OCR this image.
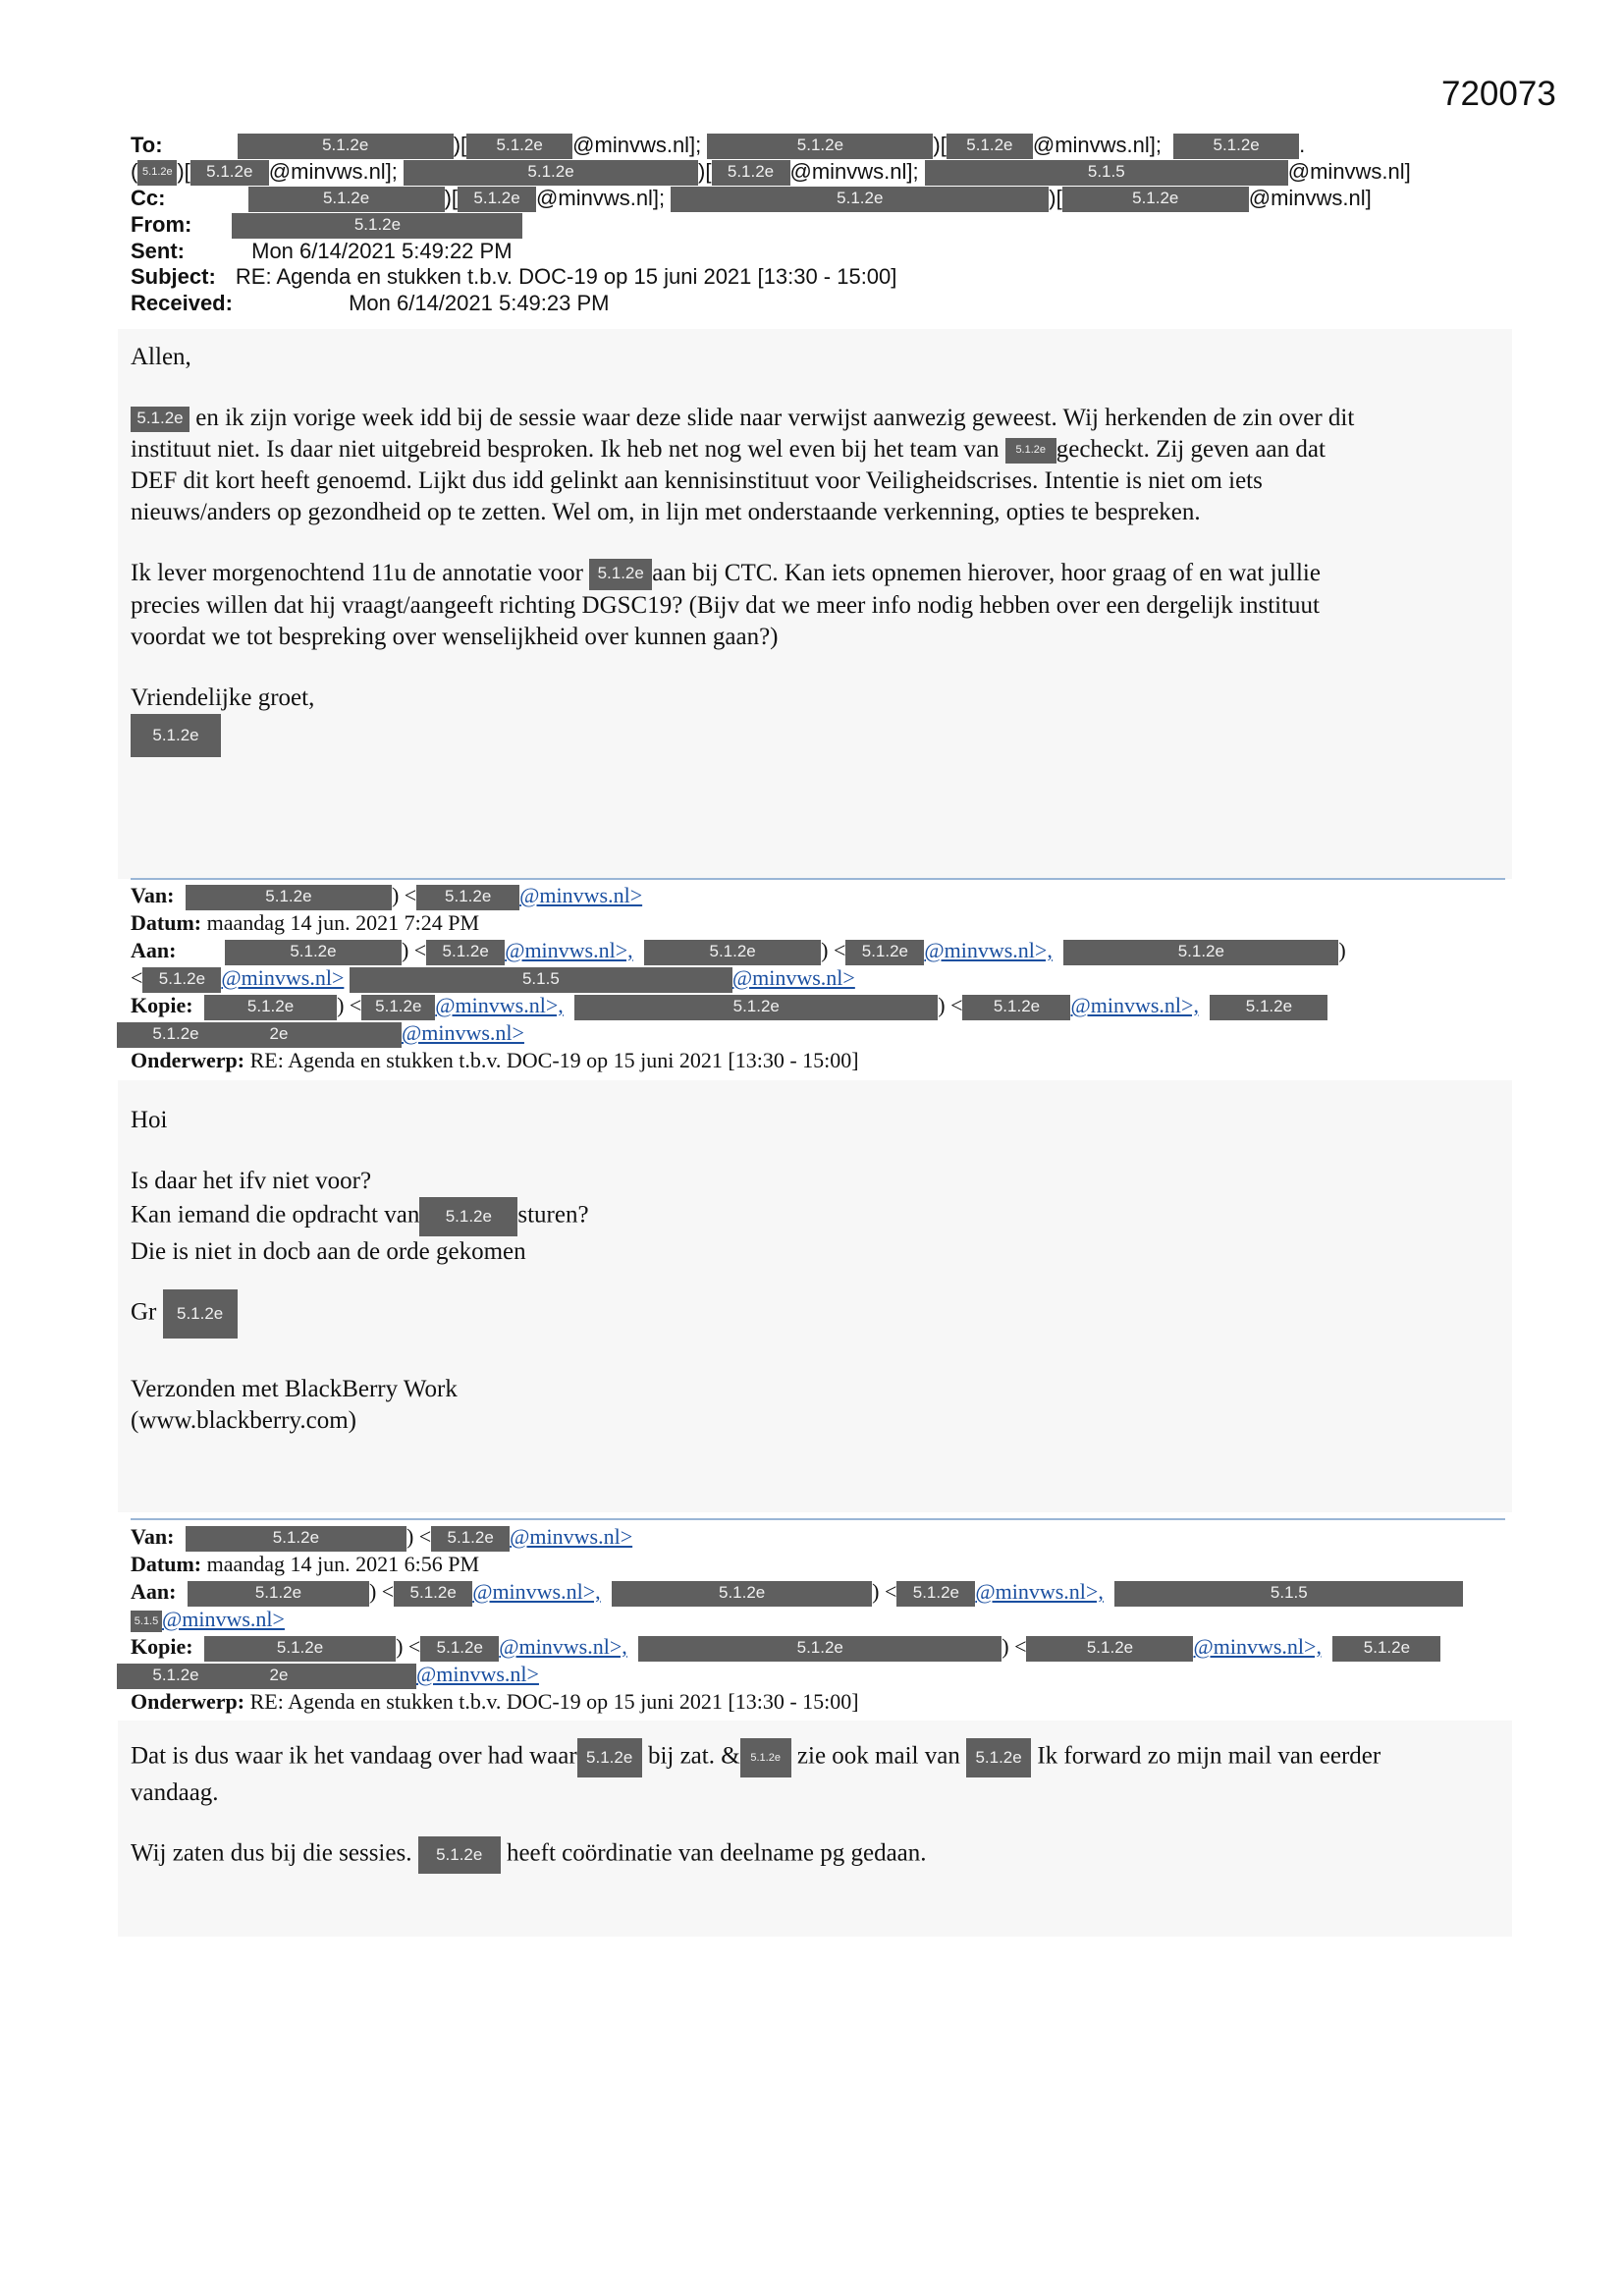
720073
To:	5.1.2e	)[ 5.1.2e @minvws.nl];	5.1.2e	)[ 5.1.2e @minvws.nl];	5.1.2e .
( 5.1.2e )[ 5.1.2e @minvws.nl];	5.1.2e	)[ 5.1.2e @minvws.nl];	5.1.5	@minvws.nl]
Cc:	5.1.2e	)[ 5.1.2e @minvws.nl];	5.1.2e	)[	5.1.2e	@minvws.nl]
From:	5.1.2e
Sent:	Mon 6/14/2021 5:49:22 PM
Subject: RE: Agenda en stukken t.b.v. DOC-19 op 15 juni 2021 [13:30 - 15:00]
Received:	Mon 6/14/2021 5:49:23 PM

Allen,

5.1.2e en ik zijn vorige week idd bij de sessie waar deze slide naar verwijst aanwezig geweest. Wij herkenden de zin over dit

instituut niet. Is daar niet uitgebreid besproken. Ik heb net nog wel even bij het team van 5.1.2e gecheckt. Zij geven aan dat

DEF dit kort heeft genoemd. Lijkt dus idd gelinkt aan kennisinstituut voor Veiligheidscrises. Intentie is niet om iets

nieuws/anders op gezondheid op te zetten. Wel om, in lijn met onderstaande verkenning, opties te bespreken.

Ik lever morgenochtend 11u de annotatie voor 5.1.2e aan bij CTC. Kan iets opnemen hierover, hoor graag of en wat jullie

precies willen dat hij vraagt/aangeeft richting DGSC19? (Bijv dat we meer info nodig hebben over een dergelijk instituut

voordat we tot bespreking over wenselijkheid over kunnen gaan?)

Vriendelijke groet,

5.1.2e
Van:	5.1.2e	) < 5.1.2e @minvws.nl>
Datum: maandag 14 jun. 2021 7:24 PM
Aan:	5.1.2e	) < 5.1.2e @minvws.nl>,	5.1.2e	) < 5.1.2e @minvws.nl>,	5.1.2e	)
< 5.1.2e @minvws.nl>	5.1.5	@minvws.nl>
Kopie:	5.1.2e ) < 5.1.2e @minvws.nl>,	5.1.2e	) < 5.1.2e @minvws.nl>,	5.1.2e
5.1.2e	2e	@minvws.nl>
Onderwerp: RE: Agenda en stukken t.b.v. DOC-19 op 15 juni 2021 [13:30 - 15:00]

Hoi

Is daar het ifv niet voor?

Kan iemand die opdracht van 5.1.2e sturen?

Die is niet in docb aan de orde gekomen

Gr 5.1.2e

Verzonden met BlackBerry Work

(www.blackberry.com)

Van:	5.1.2e	) < 5.1.2e @minvws.nl>
Datum: maandag 14 jun. 2021 6:56 PM
Aan:	5.1.2e	) < 5.1.2e @minvws.nl>,	5.1.2e	) < 5.1.2e @minvws.nl>,	5.1.5
5.1.5 @minvws.nl>
Kopie:	5.1.2e	) < 5.1.2e @minvws.nl>,	5.1.2e	) <	5.1.2e	@minvws.nl>,	5.1.2e
5.1.2e	2e	@minvws.nl>
Onderwerp: RE: Agenda en stukken t.b.v. DOC-19 op 15 juni 2021 [13:30 - 15:00]

Dat is dus waar ik het vandaag over had waar 5.1.2e bij zat. & 5.1.2e zie ook mail van 5.1.2e Ik forward zo mijn mail van eerder

vandaag.

Wij zaten dus bij die sessies. 5.1.2e heeft coördinatie van deelname pg gedaan.
